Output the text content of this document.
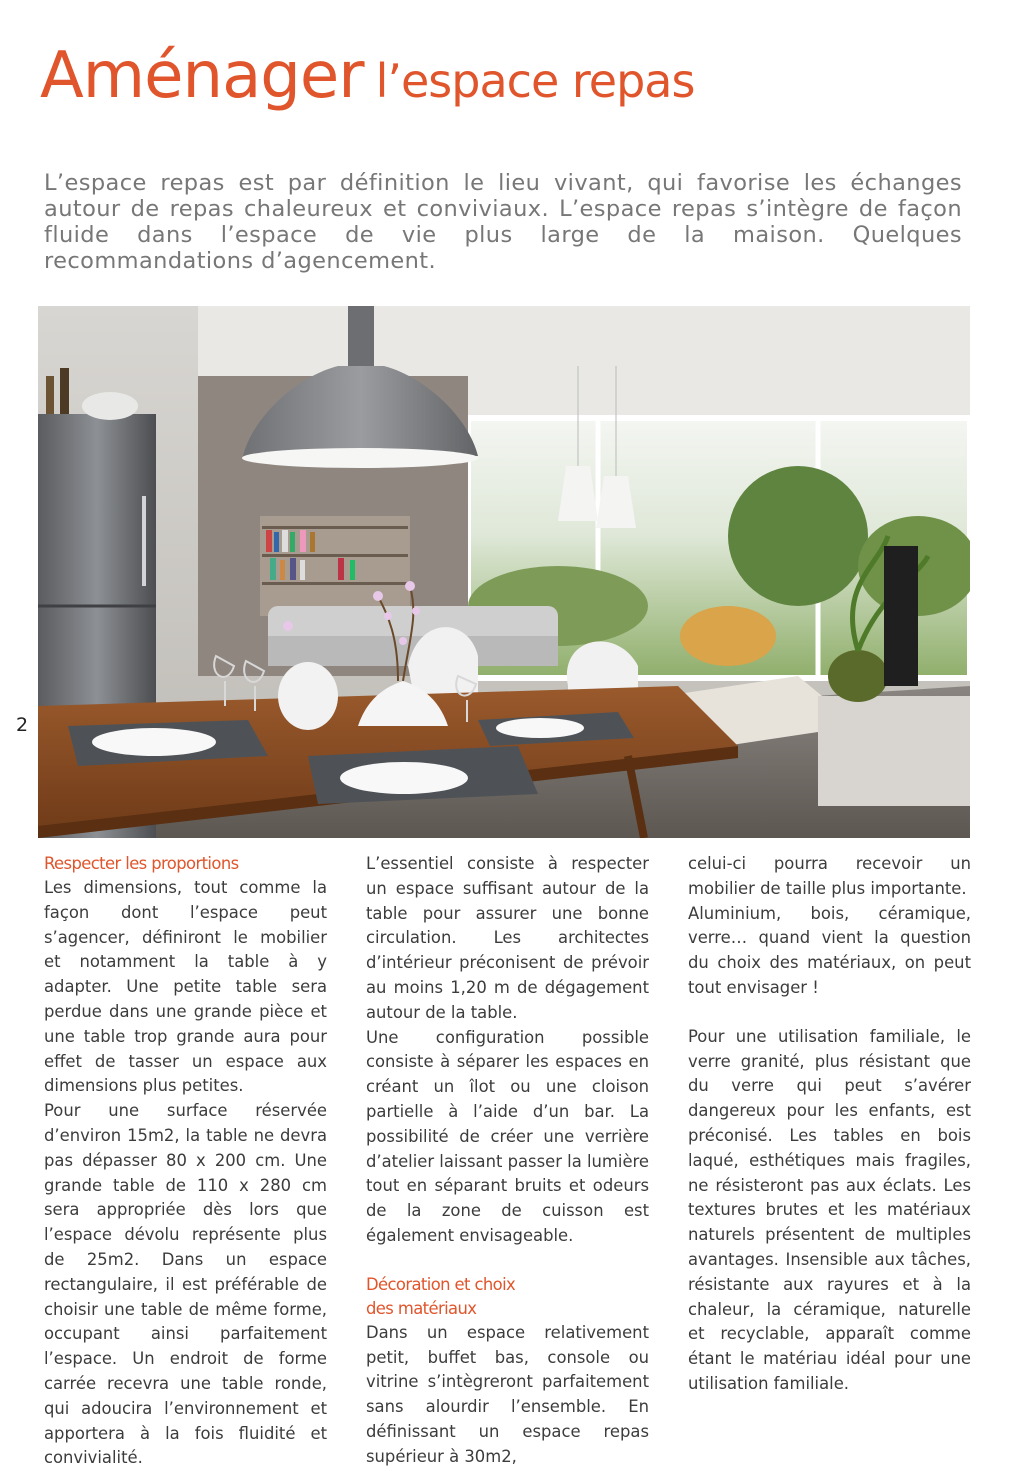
Aménager l’espace repas

L’espace repas est par définition le lieu vivant, qui favorise les échanges autour de repas chaleureux et conviviaux. L’espace repas s’intègre de façon fluide dans l’espace de vie plus large de la maison. Quelques recommandations d’agencement.

2
Respecter les proportions

Les dimensions, tout comme la façon dont l’espace peut s’agencer, définiront le mobilier et notamment la table à y adapter. Une petite table sera perdue dans une grande pièce et une table trop grande aura pour effet de tasser un espace aux dimensions plus petites.

Pour une surface réservée d’environ 15m2, la table ne devra pas dépasser 80 x 200 cm. Une grande table de 110 x 280 cm sera appropriée dès lors que l’espace dévolu représente plus de 25m2. Dans un espace rectangulaire, il est préférable de choisir une table de même forme, occupant ainsi parfaitement l’espace. Un endroit de forme carrée recevra une table ronde, qui adoucira l’environnement et apportera à la fois fluidité et convivialité.

L’essentiel consiste à respecter un espace suffisant autour de la table pour assurer une bonne circulation. Les architectes d’intérieur préconisent de prévoir au moins 1,20 m de dégagement autour de la table.

Une configuration possible consiste à séparer les espaces en créant un îlot ou une cloison partielle à l’aide d’un bar. La possibilité de créer une verrière d’atelier laissant passer la lumière tout en séparant bruits et odeurs de la zone de cuisson est également envisageable.

Décoration et choix
des matériaux

Dans un espace relativement petit, buffet bas, console ou vitrine s’intègreront parfaitement sans alourdir l’ensemble. En définissant un espace repas supérieur à 30m2,

celui-ci pourra recevoir un mobilier de taille plus importante.

Aluminium, bois, céramique, verre… quand vient la question du choix des matériaux, on peut tout envisager !

Pour une utilisation familiale, le verre granité, plus résistant que du verre qui peut s’avérer dangereux pour les enfants, est préconisé. Les tables en bois laqué, esthétiques mais fragiles, ne résisteront pas aux éclats. Les textures brutes et les matériaux naturels présentent de multiples avantages. Insensible aux tâches, résistante aux rayures et à la chaleur, la céramique, naturelle et recyclable, apparaît comme étant le matériau idéal pour une utilisation familiale.
